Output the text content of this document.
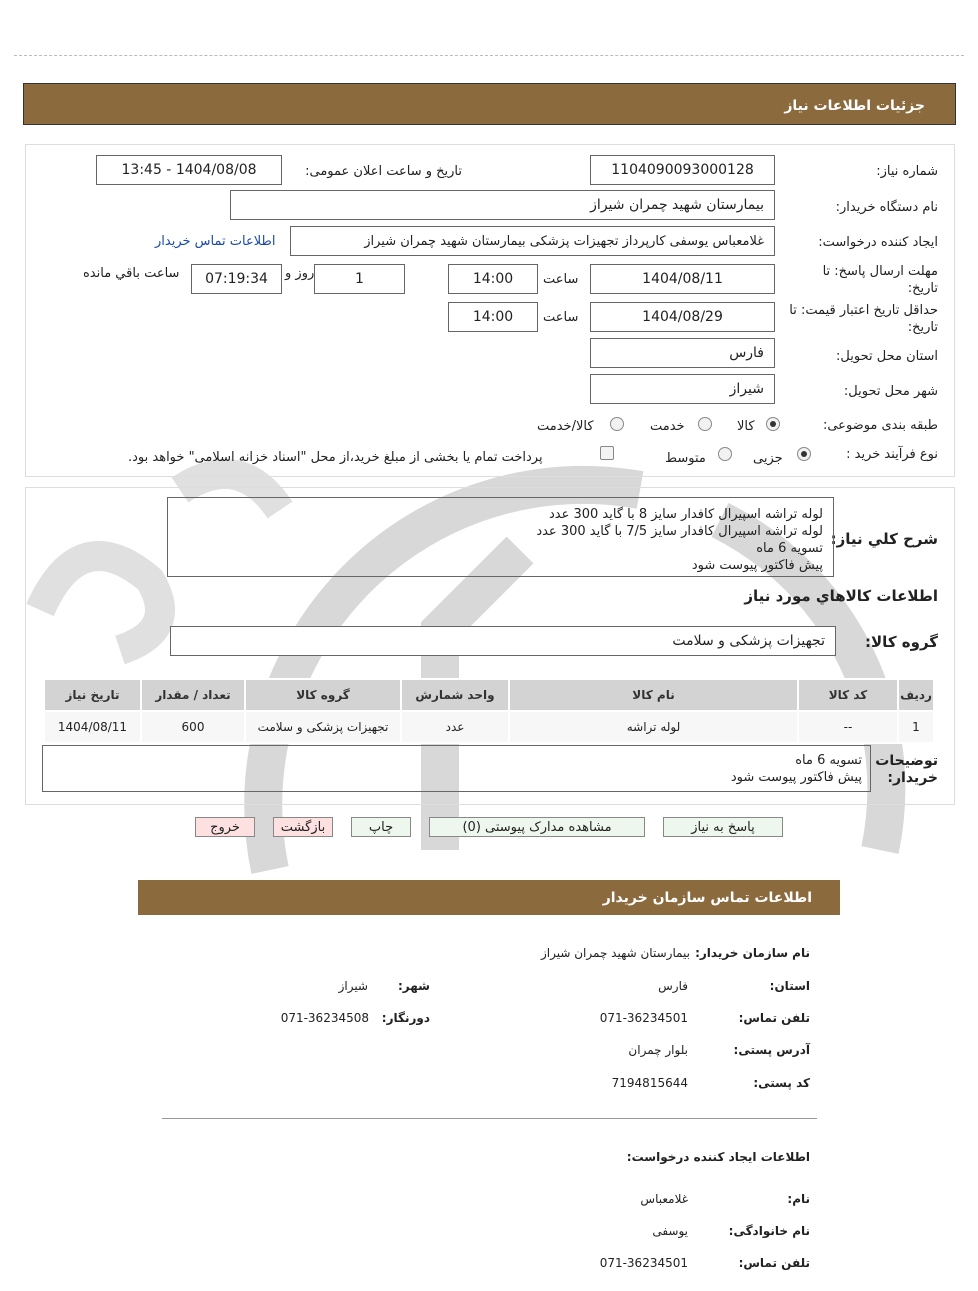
جزئیات اطلاعات نیاز
شماره نیاز:
1104090093000128
تاریخ و ساعت اعلان عمومی:
1404/08/08 - 13:45
نام دستگاه خریدار:
بیمارستان شهید چمران شیراز
ایجاد کننده درخواست:
غلامعباس یوسفی کارپرداز تجهیزات پزشکی بیمارستان شهید چمران شیراز
اطلاعات تماس خریدار
مهلت ارسال پاسخ: تا تاریخ:
1404/08/11
ساعت
14:00
1
روز و
07:19:34
ساعت باقي مانده
حداقل تاریخ اعتبار قیمت: تا تاریخ:
1404/08/29
ساعت
14:00
استان محل تحویل:
فارس
شهر محل تحویل:
شیراز
طبقه بندی موضوعی:
کالا
خدمت
کالا/خدمت
نوع فرآیند خرید :
جزیی
متوسط
پرداخت تمام یا بخشی از مبلغ خرید،از محل "اسناد خزانه اسلامی" خواهد بود.
شرح کلي نياز:
لوله تراشه اسپیرال کافدار سایز 8 با گاید 300 عدد
لوله تراشه اسپیرال کافدار سایز 7/5 با گاید 300 عدد
تسویه 6 ماه
پیش فاکتور پیوست شود
اطلاعات کالاهاي مورد نياز
گروه کالا:
تجهیزات پزشکی و سلامت
ردیف	کد کالا	نام کالا	واحد شمارش	گروه کالا	تعداد / مقدار	تاریخ نیاز
1	--	لوله تراشه	عدد	تجهیزات پزشکی و سلامت	600	1404/08/11
توضیحات خریدار:
تسویه 6 ماه
پیش فاکتور پیوست شود
پاسخ به نیاز
مشاهده مدارک پیوستی (0)
چاپ
بازگشت
خروج
اطلاعات تماس سازمان خریدار
نام سازمان خریدار:
بیمارستان شهید چمران شیراز
استان:
فارس
شهر:
شیراز
تلفن تماس:
071-36234501
دورنگار:
071-36234508
آدرس پستی:
بلوار چمران
کد پستی:
7194815644
اطلاعات ایجاد کننده درخواست:
نام:
غلامعباس
نام خانوادگی:
یوسفی
تلفن تماس:
071-36234501
